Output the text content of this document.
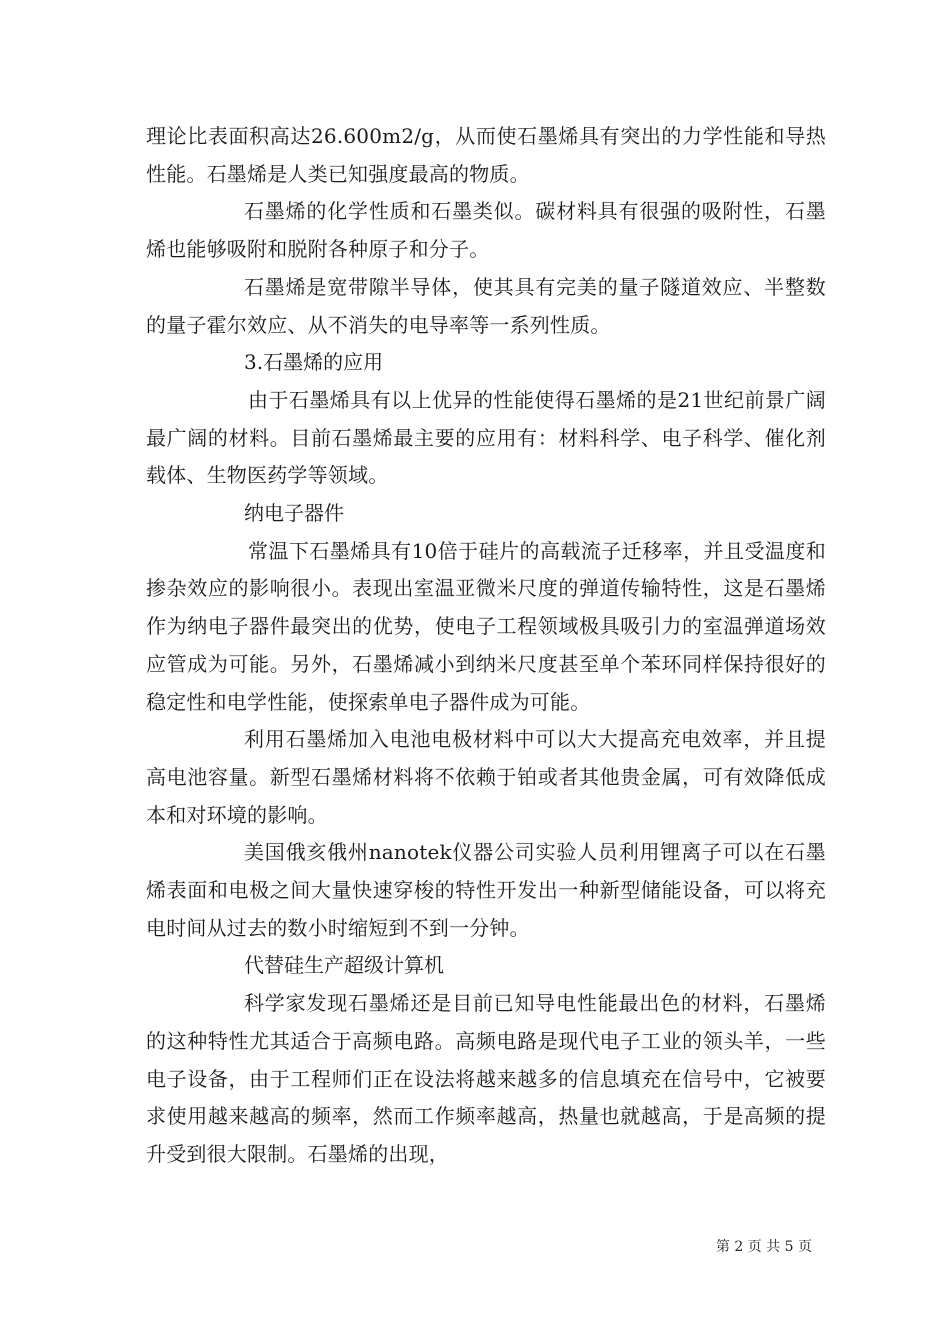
理论比表面积高达26.600m2/g，从而使石墨烯具有突出的力学性能和导热性能。石墨烯是人类已知强度最高的物质。

石墨烯的化学性质和石墨类似。碳材料具有很强的吸附性，石墨烯也能够吸附和脱附各种原子和分子。

石墨烯是宽带隙半导体，使其具有完美的量子隧道效应、半整数的量子霍尔效应、从不消失的电导率等一系列性质。

3.石墨烯的应用

由于石墨烯具有以上优异的性能使得石墨烯的是21世纪前景广阔最广阔的材料。目前石墨烯最主要的应用有：材料科学、电子科学、催化剂载体、生物医药学等领域。

纳电子器件

常温下石墨烯具有10倍于硅片的高载流子迁移率，并且受温度和掺杂效应的影响很小。表现出室温亚微米尺度的弹道传输特性，这是石墨烯作为纳电子器件最突出的优势，使电子工程领域极具吸引力的室温弹道场效应管成为可能。另外，石墨烯减小到纳米尺度甚至单个苯环同样保持很好的稳定性和电学性能，使探索单电子器件成为可能。

利用石墨烯加入电池电极材料中可以大大提高充电效率，并且提高电池容量。新型石墨烯材料将不依赖于铂或者其他贵金属，可有效降低成本和对环境的影响。

美国俄亥俄州nanotek仪器公司实验人员利用锂离子可以在石墨烯表面和电极之间大量快速穿梭的特性开发出一种新型储能设备，可以将充电时间从过去的数小时缩短到不到一分钟。

代替硅生产超级计算机

科学家发现石墨烯还是目前已知导电性能最出色的材料，石墨烯的这种特性尤其适合于高频电路。高频电路是现代电子工业的领头羊，一些电子设备，由于工程师们正在设法将越来越多的信息填充在信号中，它被要求使用越来越高的频率，然而工作频率越高，热量也就越高，于是高频的提升受到很大限制。石墨烯的出现，

第 2 页 共 5 页
